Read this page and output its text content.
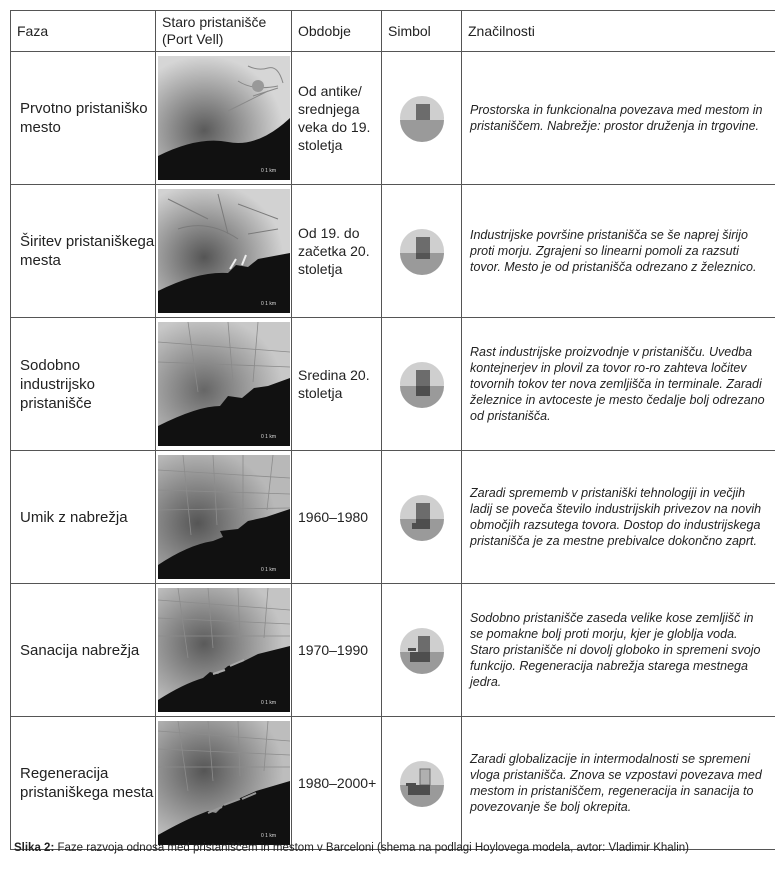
Faza	Staro pristanišče (Port Vell)	Obdobje	Simbol	Značilnosti
Prvotno pristaniško mesto	0 1 km	Od antike/ srednjega veka do 19. stoletja		Prostorska in funkcionalna povezava med mestom in pristaniščem. Nabrežje: prostor druženja in trgovine.
Širitev pristaniškega mesta	0 1 km	Od 19. do začetka 20. stoletja		Industrijske površine pristanišča se še naprej širijo proti morju. Zgrajeni so linearni pomoli za razsuti tovor. Mesto je od pristanišča odrezano z železnico.
Sodobno industrijsko pristanišče	0 1 km	Sredina 20. stoletja		Rast industrijske proizvodnje v pristanišču. Uvedba kontejnerjev in plovil za tovor ro-ro zahteva ločitev tovornih tokov ter nova zemljišča in terminale. Zaradi železnice in avtoceste je mesto čedalje bolj odrezano od pristanišča.
Umik z nabrežja	0 1 km	1960–1980		Zaradi sprememb v pristaniški tehnologiji in večjih ladij se poveča število industrijskih privezov na novih območjih razsutega tovora. Dostop do industrijskega pristanišča je za mestne prebivalce dokončno zaprt.
Sanacija nabrežja	0 1 km	1970–1990		Sodobno pristanišče zaseda velike kose zemljišč in se pomakne bolj proti morju, kjer je globlja voda. Staro pristanišče ni dovolj globoko in spremeni svojo funkcijo. Regeneracija nabrežja starega mestnega jedra.
Regeneracija pristaniškega mesta	0 1 km	1980–2000+		Zaradi globalizacije in intermodalnosti se spremeni vloga pristanišča. Znova se vzpostavi povezava med mestom in pristaniščem, regeneracija in sanacija to povezovanje še bolj okrepita.
Slika 2: Faze razvoja odnosa med pristaniščem in mestom v Barceloni (shema na podlagi Hoylovega modela, avtor: Vladimir Khalin)
